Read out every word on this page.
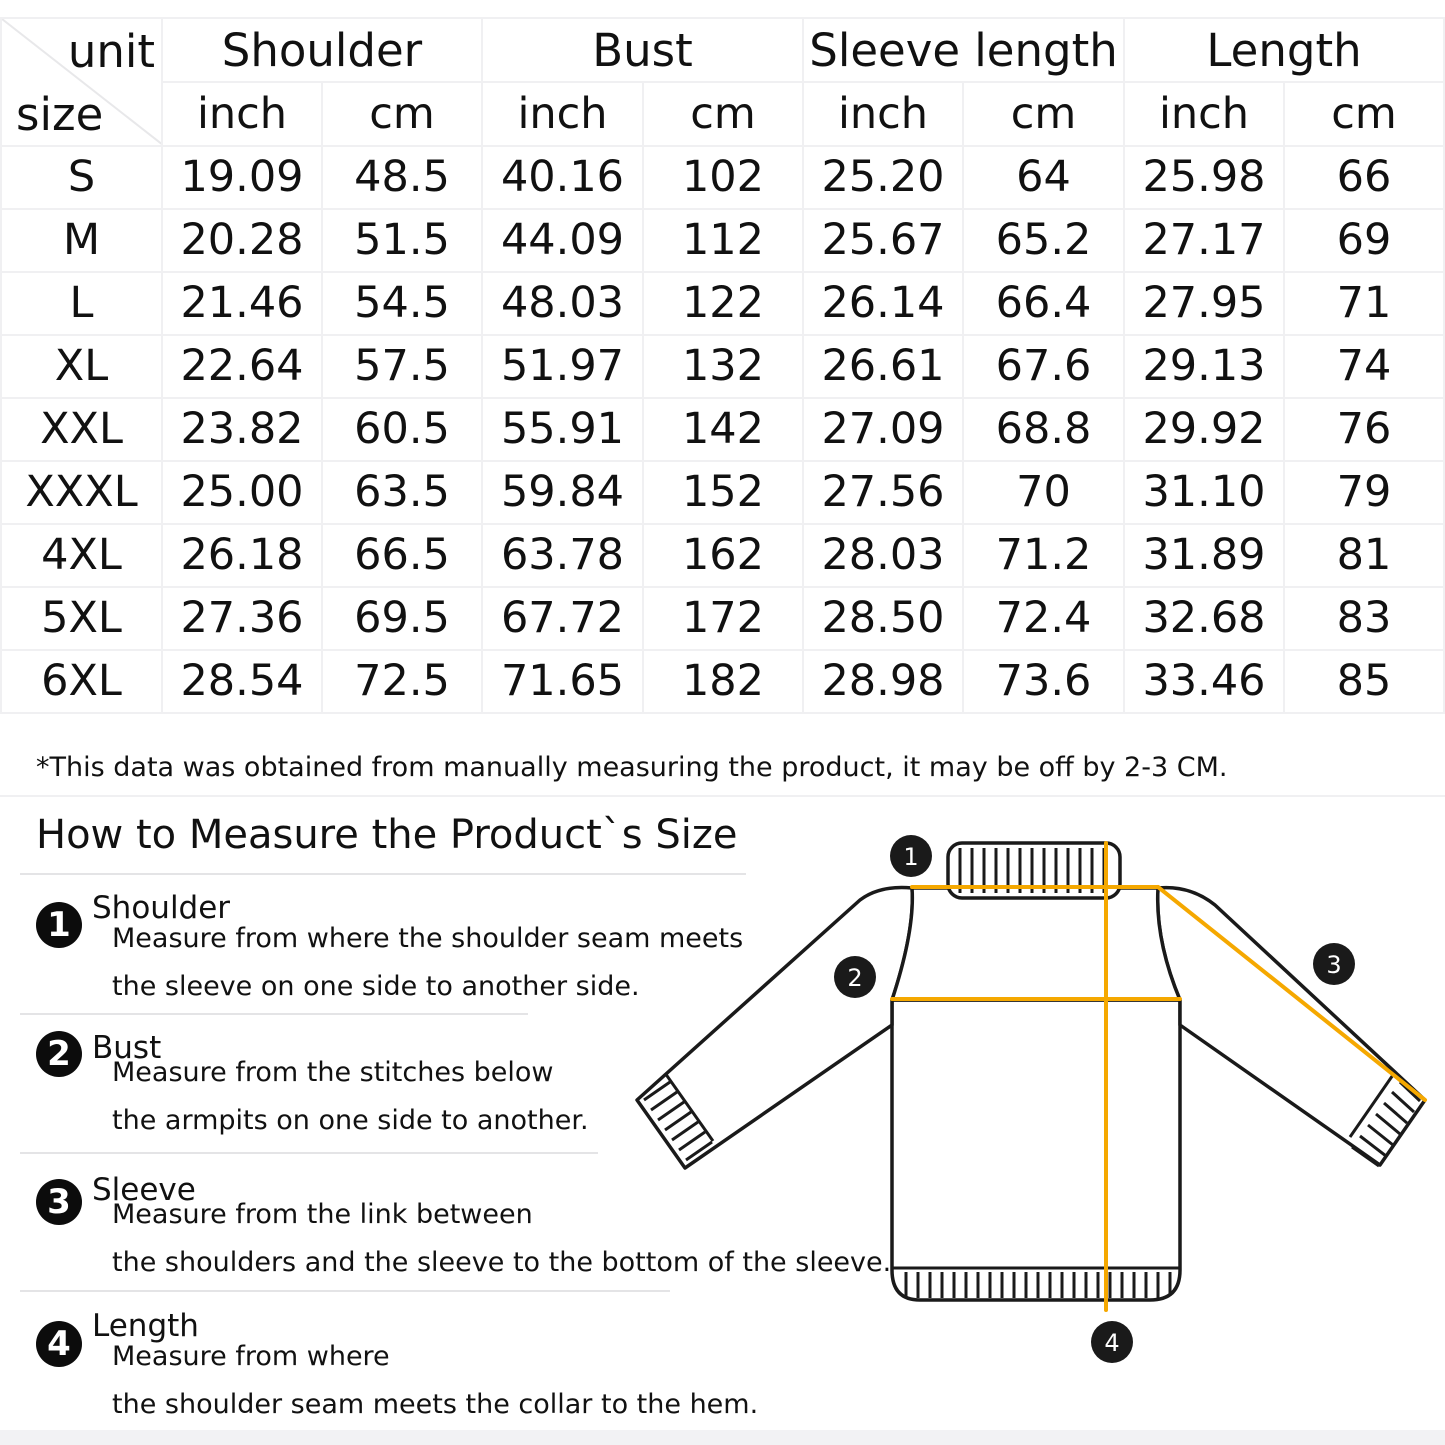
unit
size	Shoulder		Bust		Sleeve length		Length	
	inch	cm	inch	cm	inch	cm	inch	cm
S	19.09	48.5	40.16	102	25.20	64	25.98	66
M	20.28	51.5	44.09	112	25.67	65.2	27.17	69
L	21.46	54.5	48.03	122	26.14	66.4	27.95	71
XL	22.64	57.5	51.97	132	26.61	67.6	29.13	74
XXL	23.82	60.5	55.91	142	27.09	68.8	29.92	76
XXXL	25.00	63.5	59.84	152	27.56	70	31.10	79
4XL	26.18	66.5	63.78	162	28.03	71.2	31.89	81
5XL	27.36	69.5	67.72	172	28.50	72.4	32.68	83
6XL	28.54	72.5	71.65	182	28.98	73.6	33.46	85
*This data was obtained from manually measuring the product, it may be off by 2-3 CM.
How to Measure the Product`s Size
1 Shoulder
Measure from where the shoulder seam meets
the sleeve on one side to another side.
2 Bust
Measure from the stitches below
the armpits on one side to another.
3 Sleeve
Measure from the link between
the shoulders and the sleeve to the bottom of the sleeve.
4 Length
Measure from where
the shoulder seam meets the collar to the hem.
1
2	3
4
